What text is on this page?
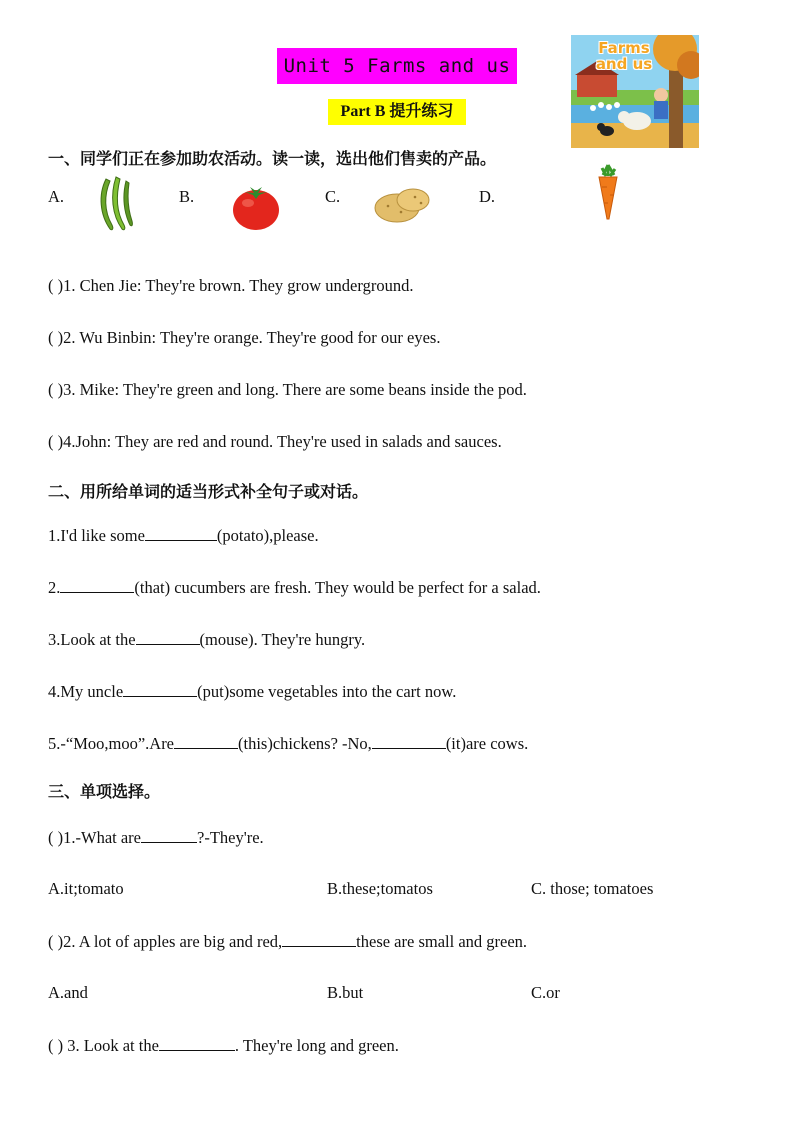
Unit 5 Farms and us
Part B 提升练习
Farms and us
一、同学们正在参加助农活动。读一读，选出他们售卖的产品。
A.	B.	C.	D.
( )1. Chen Jie: They're brown. They grow underground.
( )2. Wu Binbin: They're orange. They're good for our eyes.
( )3. Mike: They're green and long. There are some beans inside the pod.
( )4.John: They are red and round. They're used in salads and sauces.
二、用所给单词的适当形式补全句子或对话。
1.I'd like some	(potato),please.
2.	(that) cucumbers are fresh. They would be perfect for a salad.
3.Look at the	(mouse). They're hungry.
4.My uncle	(put)some vegetables into the cart now.
5.-“Moo,moo”.Are	(this)chickens? -No,	(it)are cows.
三、单项选择。
( )1.-What are	?-They're.
A.it;tomato	B.these;tomatos	C. those; tomatoes
( )2. A lot of apples are big and red,	these are small and green.
A.and	B.but	C.or
( ) 3. Look at the	. They're long and green.
